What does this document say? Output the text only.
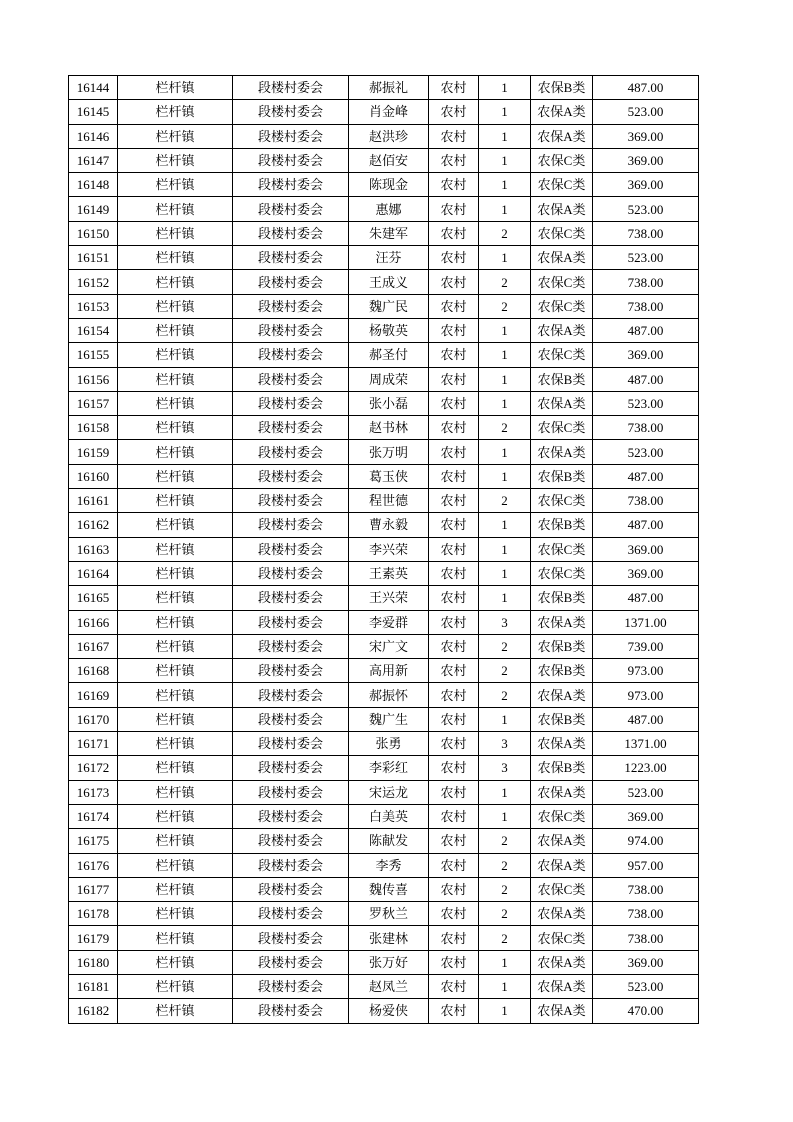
16144	栏杆镇	段楼村委会	郝振礼	农村	1	农保B类	487.00
16145	栏杆镇	段楼村委会	肖金峰	农村	1	农保A类	523.00
16146	栏杆镇	段楼村委会	赵洪珍	农村	1	农保A类	369.00
16147	栏杆镇	段楼村委会	赵佰安	农村	1	农保C类	369.00
16148	栏杆镇	段楼村委会	陈现金	农村	1	农保C类	369.00
16149	栏杆镇	段楼村委会	惠娜	农村	1	农保A类	523.00
16150	栏杆镇	段楼村委会	朱建军	农村	2	农保C类	738.00
16151	栏杆镇	段楼村委会	汪芬	农村	1	农保A类	523.00
16152	栏杆镇	段楼村委会	王成义	农村	2	农保C类	738.00
16153	栏杆镇	段楼村委会	魏广民	农村	2	农保C类	738.00
16154	栏杆镇	段楼村委会	杨敬英	农村	1	农保A类	487.00
16155	栏杆镇	段楼村委会	郝圣付	农村	1	农保C类	369.00
16156	栏杆镇	段楼村委会	周成荣	农村	1	农保B类	487.00
16157	栏杆镇	段楼村委会	张小磊	农村	1	农保A类	523.00
16158	栏杆镇	段楼村委会	赵书林	农村	2	农保C类	738.00
16159	栏杆镇	段楼村委会	张万明	农村	1	农保A类	523.00
16160	栏杆镇	段楼村委会	葛玉侠	农村	1	农保B类	487.00
16161	栏杆镇	段楼村委会	程世德	农村	2	农保C类	738.00
16162	栏杆镇	段楼村委会	曹永毅	农村	1	农保B类	487.00
16163	栏杆镇	段楼村委会	李兴荣	农村	1	农保C类	369.00
16164	栏杆镇	段楼村委会	王素英	农村	1	农保C类	369.00
16165	栏杆镇	段楼村委会	王兴荣	农村	1	农保B类	487.00
16166	栏杆镇	段楼村委会	李爱群	农村	3	农保A类	1371.00
16167	栏杆镇	段楼村委会	宋广文	农村	2	农保B类	739.00
16168	栏杆镇	段楼村委会	高用新	农村	2	农保B类	973.00
16169	栏杆镇	段楼村委会	郝振怀	农村	2	农保A类	973.00
16170	栏杆镇	段楼村委会	魏广生	农村	1	农保B类	487.00
16171	栏杆镇	段楼村委会	张勇	农村	3	农保A类	1371.00
16172	栏杆镇	段楼村委会	李彩红	农村	3	农保B类	1223.00
16173	栏杆镇	段楼村委会	宋运龙	农村	1	农保A类	523.00
16174	栏杆镇	段楼村委会	白美英	农村	1	农保C类	369.00
16175	栏杆镇	段楼村委会	陈献发	农村	2	农保A类	974.00
16176	栏杆镇	段楼村委会	李秀	农村	2	农保A类	957.00
16177	栏杆镇	段楼村委会	魏传喜	农村	2	农保C类	738.00
16178	栏杆镇	段楼村委会	罗秋兰	农村	2	农保A类	738.00
16179	栏杆镇	段楼村委会	张建林	农村	2	农保C类	738.00
16180	栏杆镇	段楼村委会	张万好	农村	1	农保A类	369.00
16181	栏杆镇	段楼村委会	赵凤兰	农村	1	农保A类	523.00
16182	栏杆镇	段楼村委会	杨爱侠	农村	1	农保A类	470.00
